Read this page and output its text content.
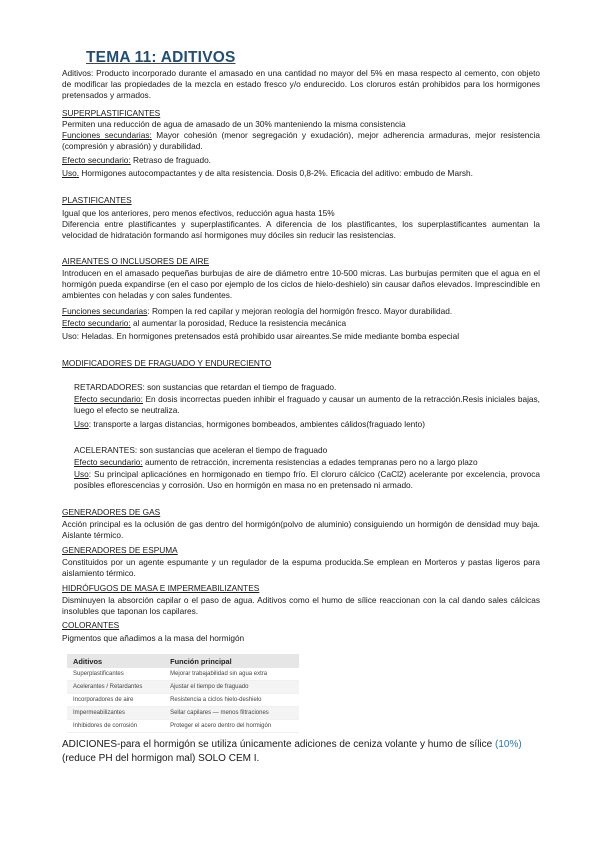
TEMA 11: ADITIVOS

Aditivos: Producto incorporado durante el amasado en una cantidad no mayor del 5% en masa respecto al cemento, con objeto de modificar las propiedades de la mezcla en estado fresco y/o endurecido. Los cloruros están prohibidos para los hormigones pretensados y armados.

SUPERPLASTIFICANTES

Permiten una reducción de agua de amasado de un 30% manteniendo la misma consistencia

Funciones secundarias: Mayor cohesión (menor segregación y exudación), mejor adherencia armaduras, mejor resistencia (compresión y abrasión) y durabilidad.

Efecto secundario: Retraso de fraguado.

Uso. Hormigones autocompactantes y de alta resistencia. Dosis 0,8-2%. Eficacia del aditivo: embudo de Marsh.

PLASTIFICANTES

Igual que los anteriores, pero menos efectivos, reducción agua hasta 15%

Diferencia entre plastificantes y superplastificantes. A diferencia de los plastificantes, los superplastificantes aumentan la velocidad de hidratación formando así hormigones muy dóciles sin reducir las resistencias.

AIREANTES O INCLUSORES DE AIRE

Introducen en el amasado pequeñas burbujas de aire de diámetro entre 10-500 micras. Las burbujas permiten que el agua en el hormigón pueda expandirse (en el caso por ejemplo de los ciclos de hielo-deshielo) sin causar daños elevados. Imprescindible en ambientes con heladas y con sales fundentes.

Funciones secundarias: Rompen la red capilar y mejoran reología del hormigón fresco. Mayor durabilidad.

Efecto secundario: al aumentar la porosidad, Reduce la resistencia mecánica

Uso: Heladas. En hormigones pretensados está prohibido usar aireantes.Se mide mediante bomba especial

MODIFICADORES DE FRAGUADO Y ENDURECIENTO

RETARDADORES: son sustancias que retardan el tiempo de fraguado.

Efecto secundario: En dosis incorrectas pueden inhibir el fraguado y causar un aumento de la retracción.Resis iniciales bajas, luego el efecto se neutraliza.

Uso: transporte a largas distancias, hormigones bombeados, ambientes cálidos(fraguado lento)

ACELERANTES: son sustancias que aceleran el tiempo de fraguado

Efecto secundario: aumento de retracción, incrementa resistencias a edades tempranas pero no a largo plazo

Uso: Su principal aplicaciónes en hormigonado en tiempo frío. El cloruro cálcico (CaCl2) acelerante por excelencia, provoca posibles eflorescencias y corrosión. Uso en hormigón en masa no en pretensado ni armado.

GENERADORES DE GAS

Acción principal es la oclusión de gas dentro del hormigón(polvo de aluminio) consiguiendo un hormigón de densidad muy baja. Aislante térmico.

GENERADORES DE ESPUMA

Constituidos por un agente espumante y un regulador de la espuma producida.Se emplean en Morteros y pastas ligeros para aislamiento térmico.

HIDRÓFUGOS DE MASA E IMPERMEABILIZANTES

Disminuyen la absorción capilar o el paso de agua. Aditivos como el humo de sílice reaccionan con la cal dando sales cálcicas insolubles que taponan los capilares.

COLORANTES

Pigmentos que añadimos a la masa del hormigón

Aditivos	Función principal
Superplastificantes	Mejorar trabajabilidad sin agua extra
Acelerantes / Retardantes	Ajustar el tiempo de fraguado
Incorporadores de aire	Resistencia a ciclos hielo-deshielo
Impermeabilizantes	Sellar capilares — menos filtraciones
Inhibidores de corrosión	Proteger el acero dentro del hormigón

ADICIONES-para el hormigón se utiliza únicamente adiciones de ceniza volante y humo de sílice (10%) (reduce PH del hormigon mal) SOLO CEM I.
